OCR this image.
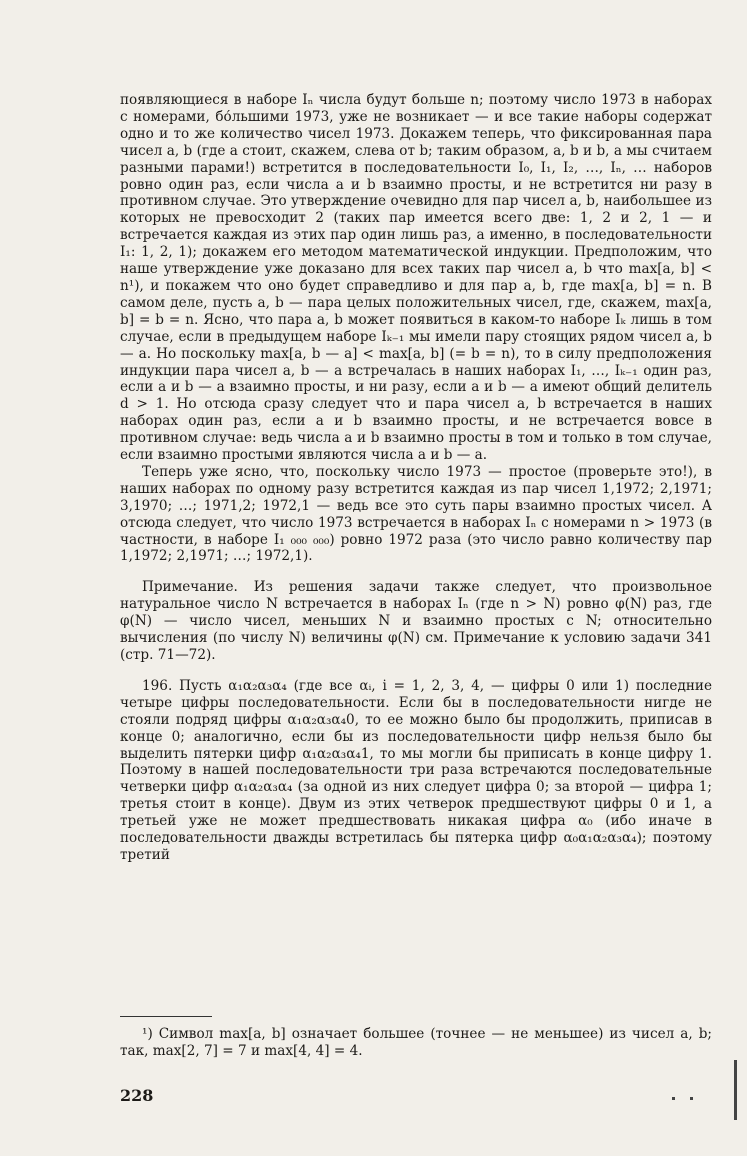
появляющиеся в наборе Iₙ числа будут больше n; поэтому число 1973 в наборах с номерами, бо́льшими 1973, уже не возникает — и все такие наборы содержат одно и то же количество чисел 1973. Докажем теперь, что фиксированная пара чисел a, b (где a стоит, скажем, слева от b; таким образом, a, b и b, a мы считаем разными парами!) встретится в последовательности I₀, I₁, I₂, …, Iₙ, … наборов ровно один раз, если числа a и b взаимно просты, и не встретится ни разу в противном случае. Это утверждение очевидно для пар чисел a, b, наибольшее из которых не превосходит 2 (таких пар имеется всего две: 1, 2 и 2, 1 — и встречается каждая из этих пар один лишь раз, а именно, в последовательности I₁: 1, 2, 1); докажем его методом математической индукции. Предположим, что наше утверждение уже доказано для всех таких пар чисел a, b что max[a, b] < n¹), и покажем что оно будет справедливо и для пар a, b, где max[a, b] = n. В самом деле, пусть a, b — пара целых положительных чисел, где, скажем, max[a, b] = b = n. Ясно, что пара a, b может появиться в каком-то наборе Iₖ лишь в том случае, если в предыдущем наборе Iₖ₋₁ мы имели пару стоящих рядом чисел a, b — a. Но поскольку max[a, b — a] < max[a, b] (= b = n), то в силу предположения индукции пара чисел a, b — a встречалась в наших наборах I₁, …, Iₖ₋₁ один раз, если a и b — a взаимно просты, и ни разу, если a и b — a имеют общий делитель d > 1. Но отсюда сразу следует что и пара чисел a, b встречается в наших наборах один раз, если a и b взаимно просты, и не встречается вовсе в противном случае: ведь числа a и b взаимно просты в том и только в том случае, если взаимно простыми являются числа a и b — a.

Теперь уже ясно, что, поскольку число 1973 — простое (проверьте это!), в наших наборах по одному разу встретится каждая из пар чисел 1,1972; 2,1971; 3,1970; …; 1971,2; 1972,1 — ведь все это суть пары взаимно простых чисел. А отсюда следует, что число 1973 встречается в наборах Iₙ с номерами n > 1973 (в частности, в наборе I₁ ₀₀₀ ₀₀₀) ровно 1972 раза (это число равно количеству пар 1,1972; 2,1971; …; 1972,1).

Примечание. Из решения задачи также следует, что произвольное натуральное число N встречается в наборах Iₙ (где n > N) ровно φ(N) раз, где φ(N) — число чисел, меньших N и взаимно простых с N; относительно вычисления (по числу N) величины φ(N) см. Примечание к условию задачи 341 (стр. 71—72).

196. Пусть α₁α₂α₃α₄ (где все αᵢ, i = 1, 2, 3, 4, — цифры 0 или 1) последние четыре цифры последовательности. Если бы в последовательности нигде не стояли подряд цифры α₁α₂α₃α₄0, то ее можно было бы продолжить, приписав в конце 0; аналогично, если бы из последовательности цифр нельзя было бы выделить пятерки цифр α₁α₂α₃α₄1, то мы могли бы приписать в конце цифру 1. Поэтому в нашей последовательности три раза встречаются последовательные четверки цифр α₁α₂α₃α₄ (за одной из них следует цифра 0; за второй — цифра 1; третья стоит в конце). Двум из этих четверок предшествуют цифры 0 и 1, а третьей уже не может предшествовать никакая цифра α₀ (ибо иначе в последовательности дважды встретилась бы пятерка цифр α₀α₁α₂α₃α₄); поэтому третий

¹) Символ max[a, b] означает большее (точнее — не меньшее) из чисел a, b; так, max[2, 7] = 7 и max[4, 4] = 4.
228
